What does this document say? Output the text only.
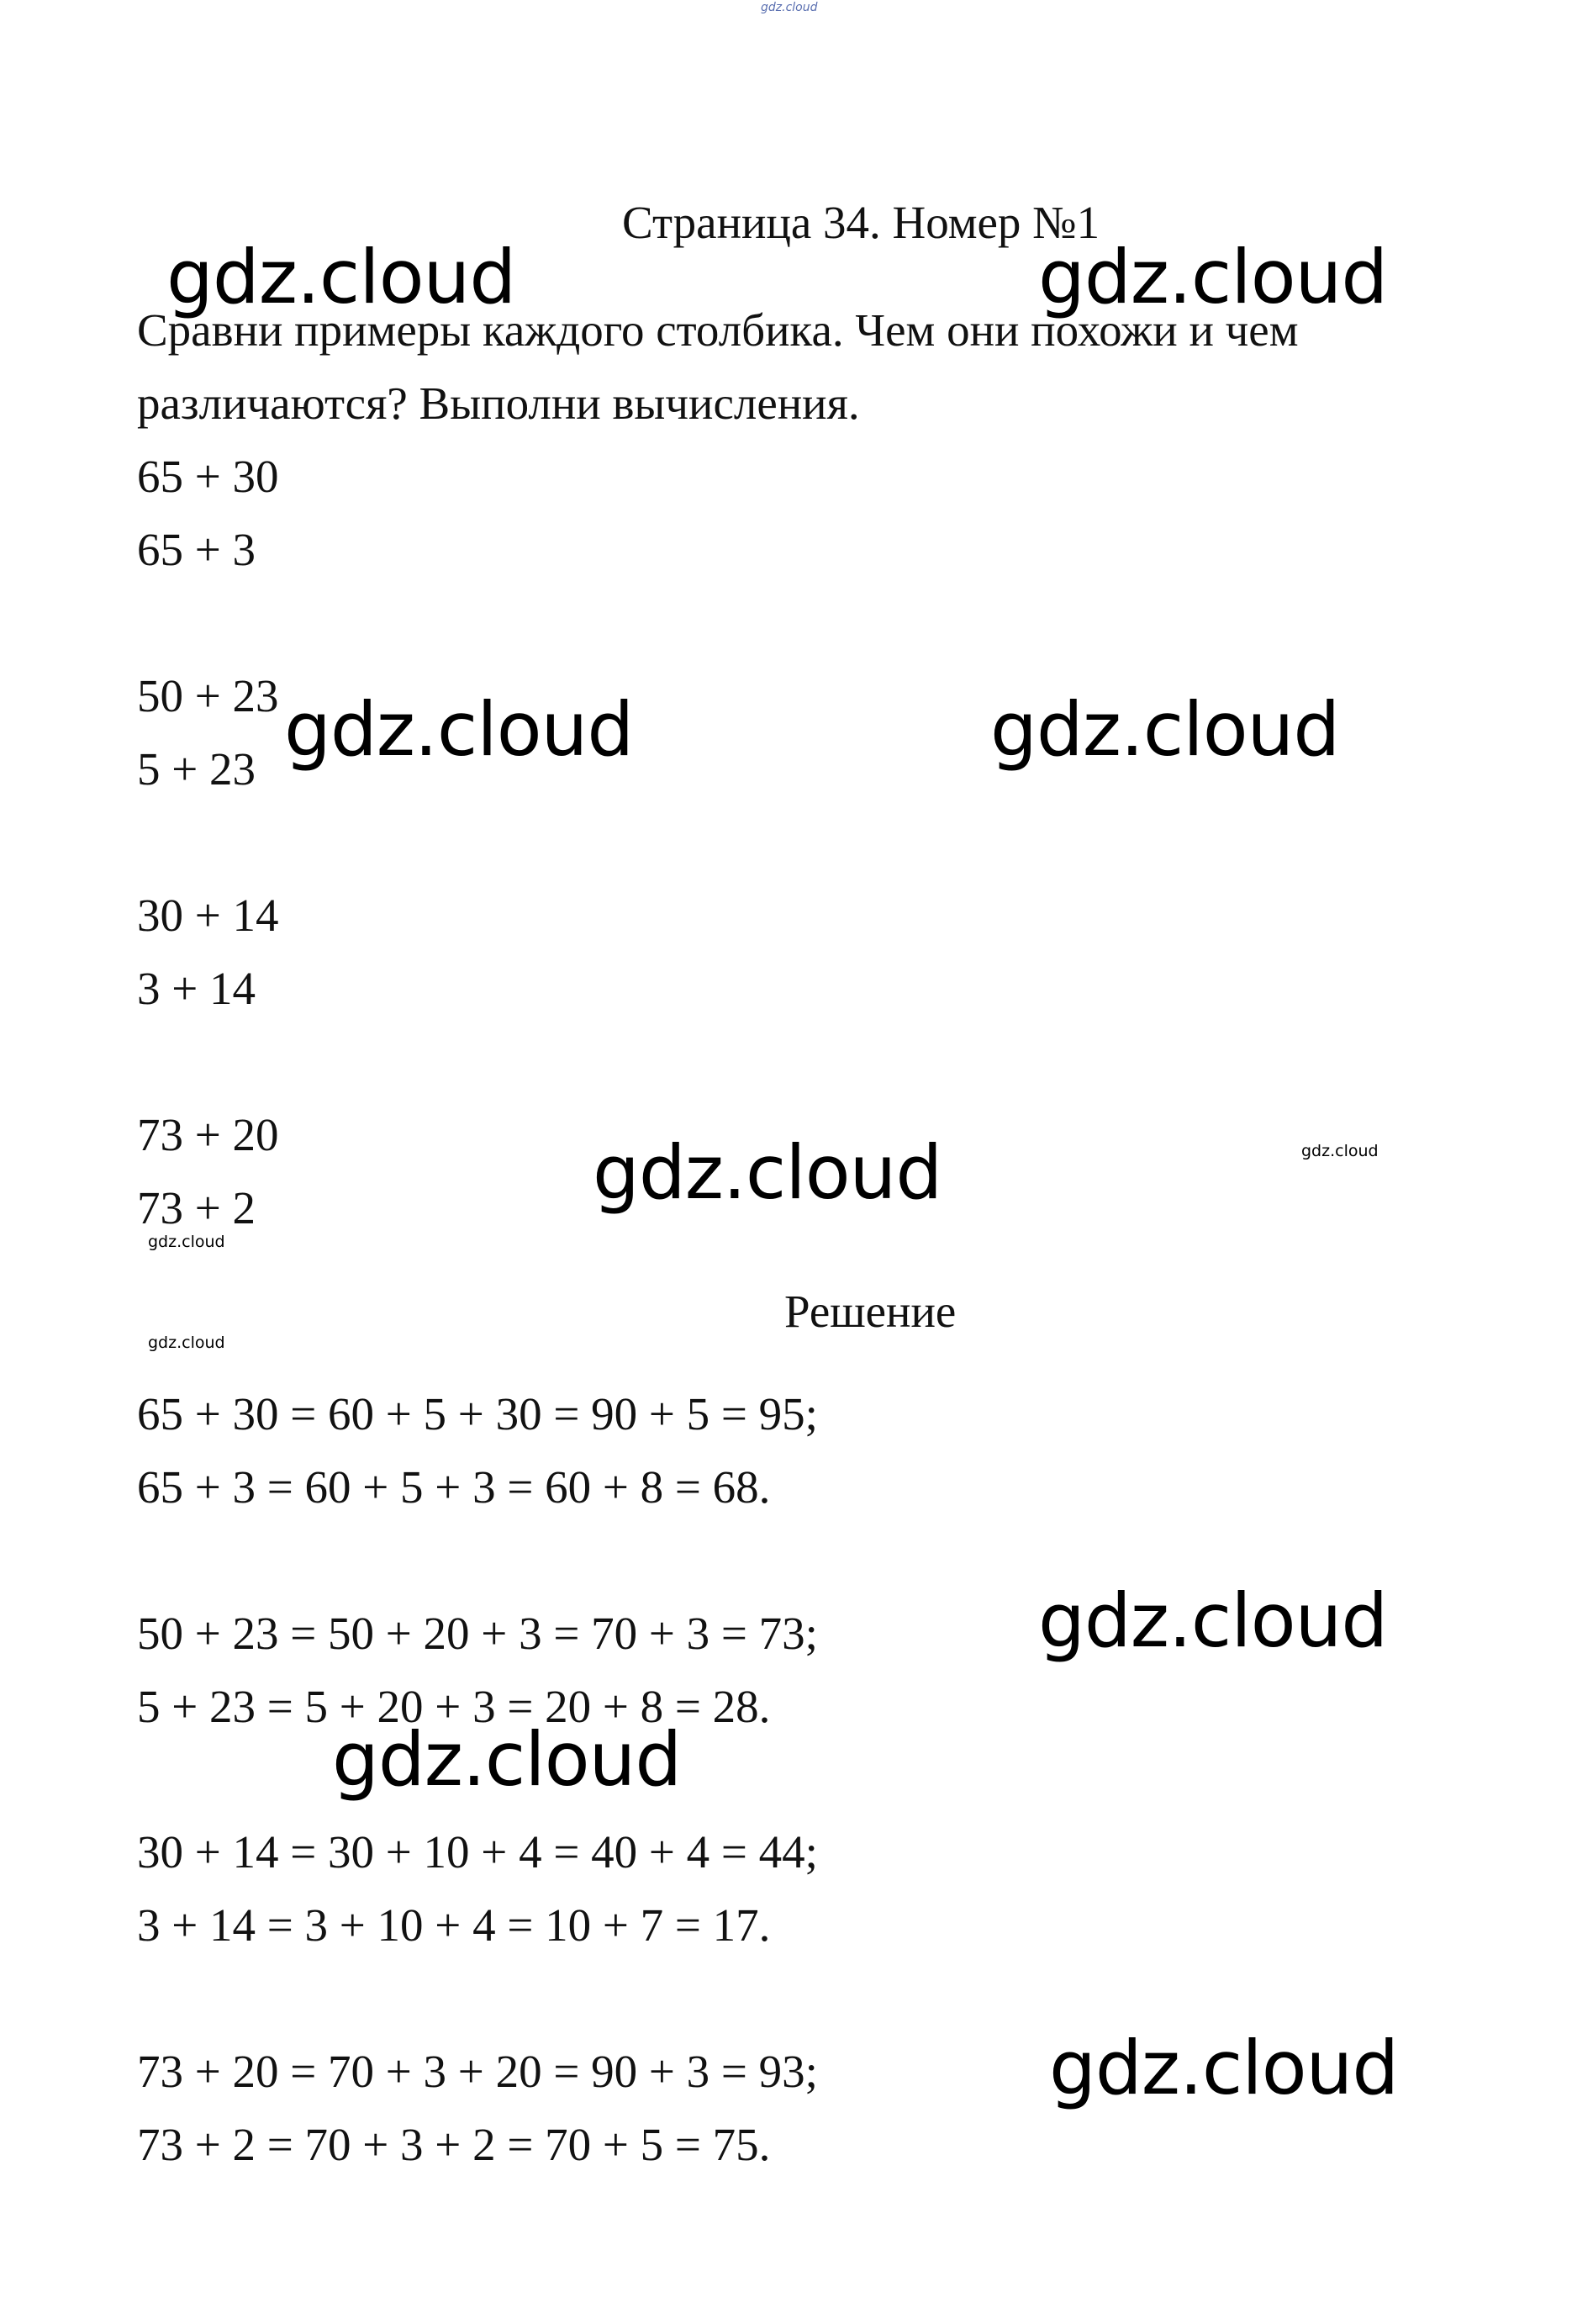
gdz.cloud
Страница 34. Номер №1
Сравни примеры каждого столбика. Чем они похожи и чем
различаются? Выполни вычисления.
65 + 30
65 + 3
50 + 23
5 + 23
30 + 14
3 + 14
73 + 20
73 + 2
Решение
65 + 30 = 60 + 5 + 30 = 90 + 5 = 95;
65 + 3 = 60 + 5 + 3 = 60 + 8 = 68.
50 + 23 = 50 + 20 + 3 = 70 + 3 = 73;
5 + 23 = 5 + 20 + 3 = 20 + 8 = 28.
30 + 14 = 30 + 10 + 4 = 40 + 4 = 44;
3 + 14 = 3 + 10 + 4 = 10 + 7 = 17.
73 + 20 = 70 + 3 + 20 = 90 + 3 = 93;
73 + 2 = 70 + 3 + 2 = 70 + 5 = 75.
gdz.cloud	gdz.cloud
gdz.cloud	gdz.cloud
gdz.cloud
gdz.cloud
gdz.cloud
gdz.cloud
gdz.cloud
gdz.cloud
gdz.cloud
